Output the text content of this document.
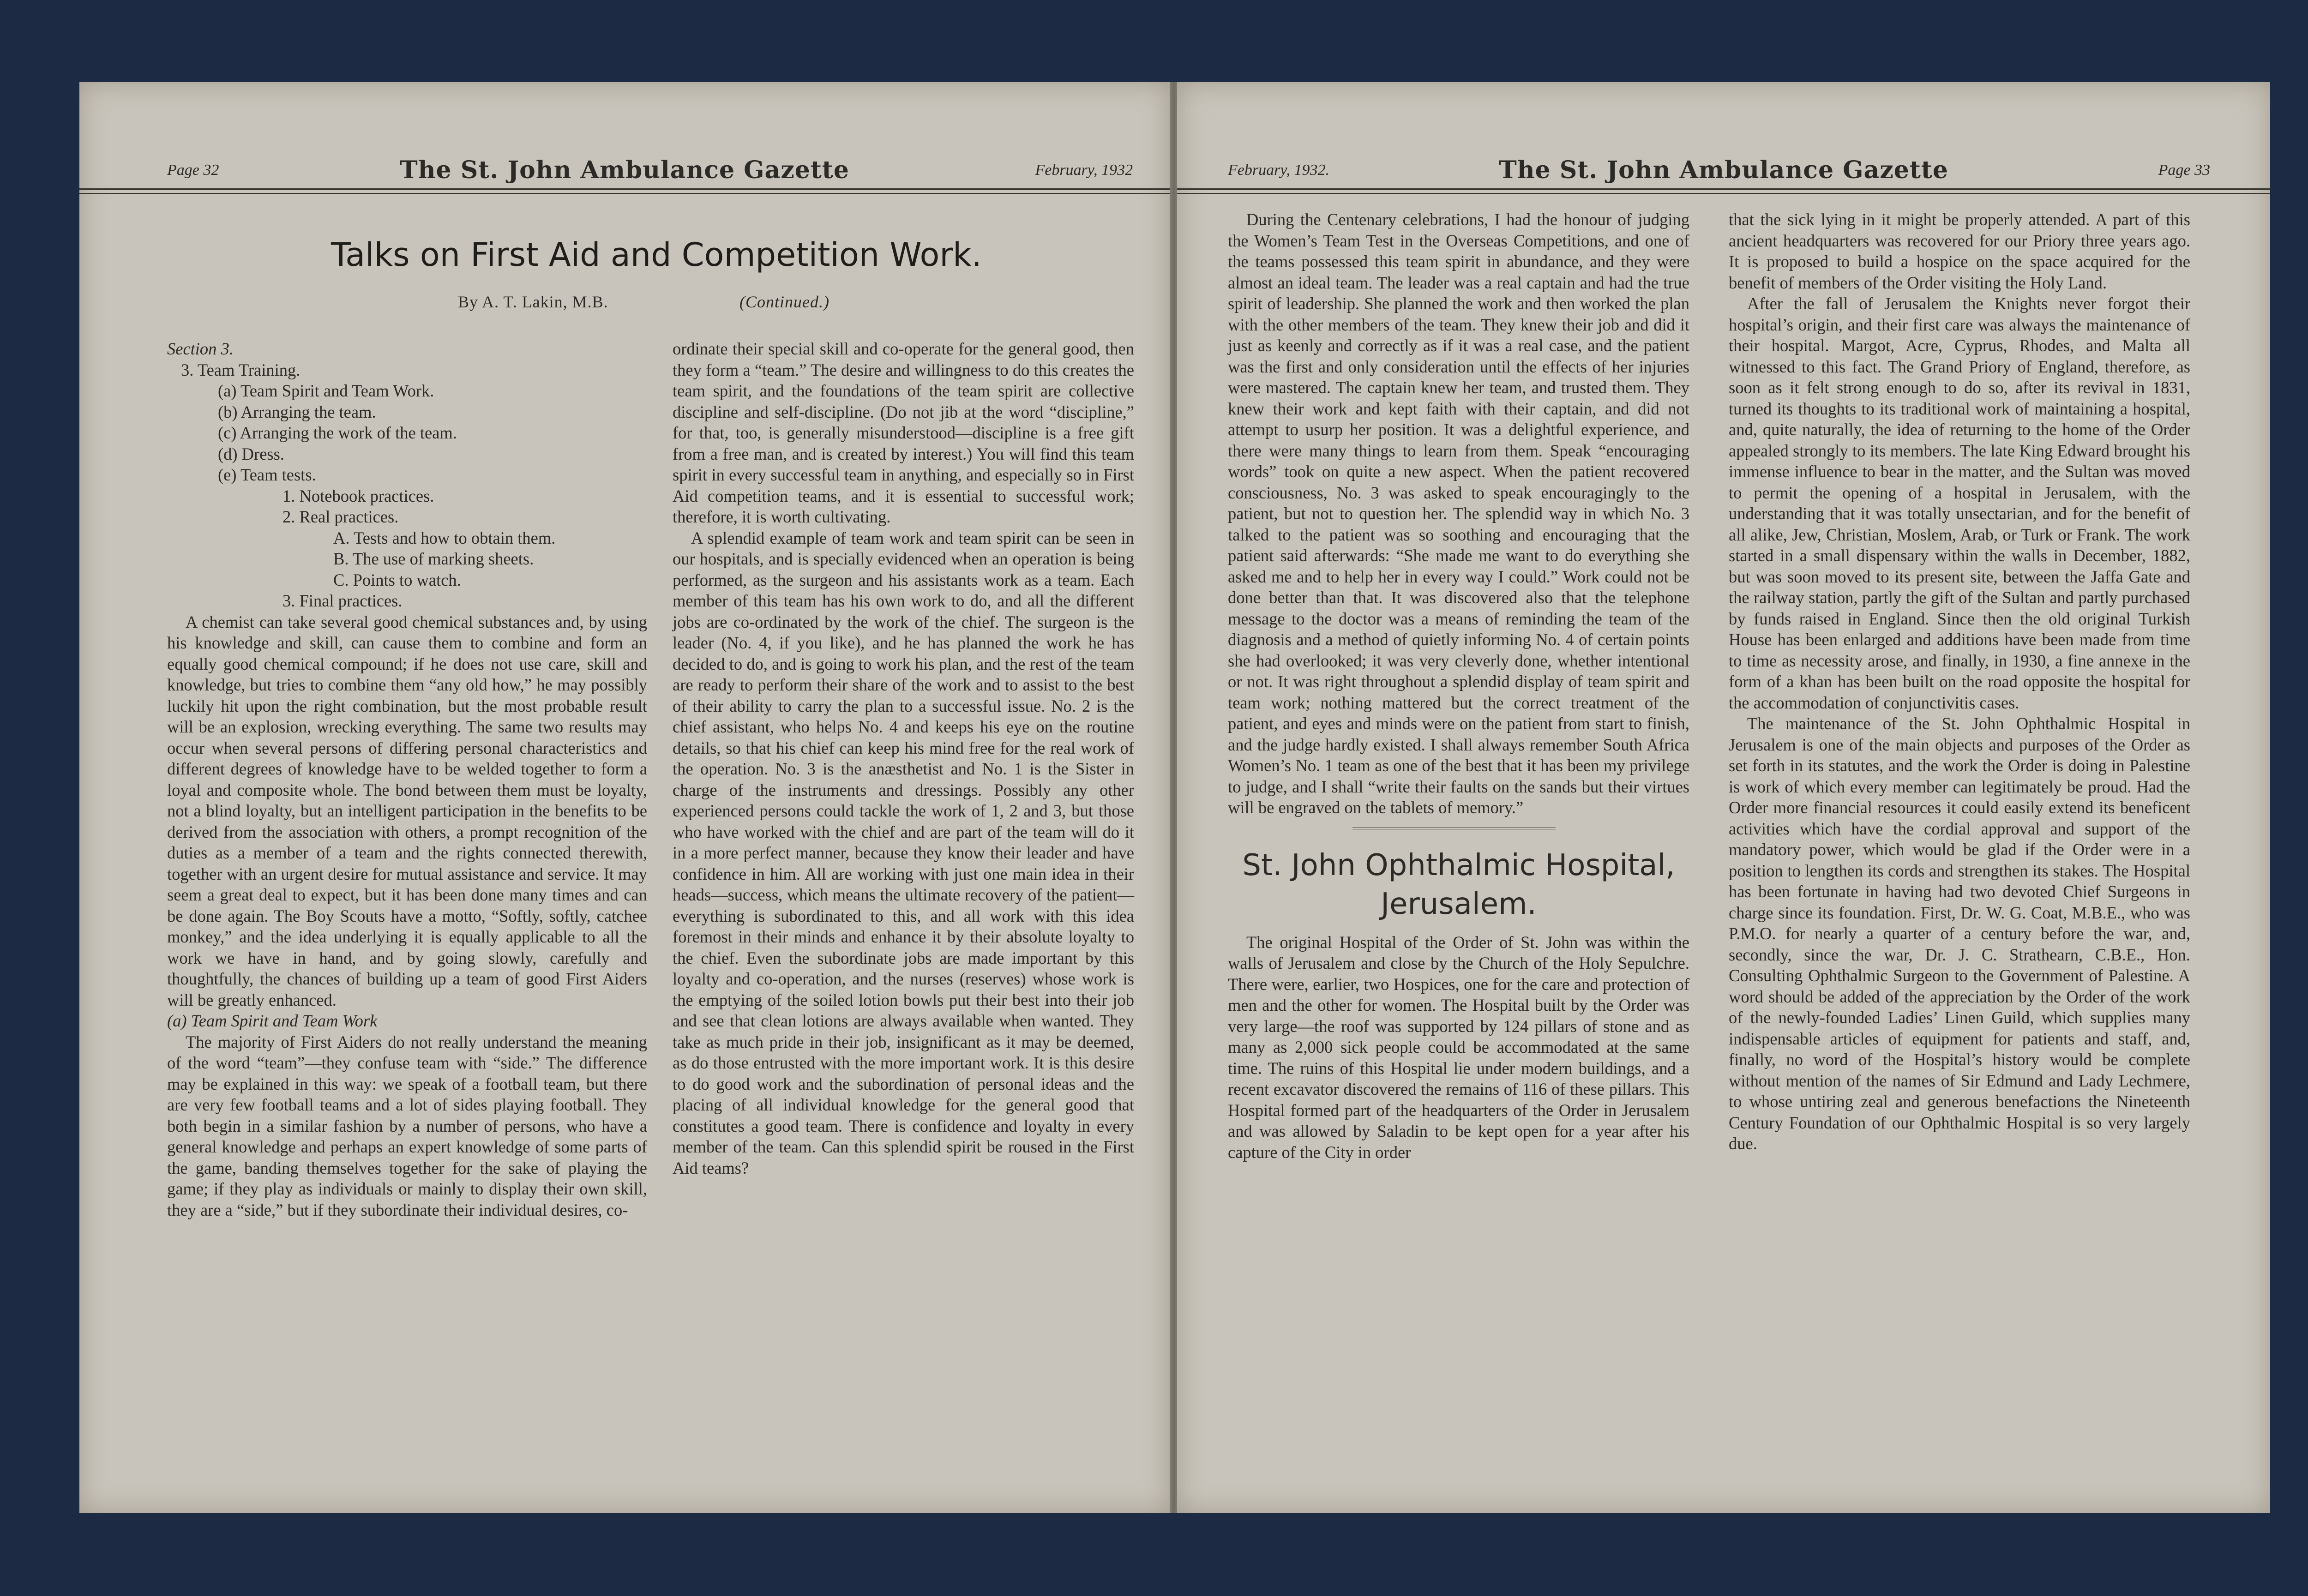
Page 32	The St. John Ambulance Gazette	February, 1932
Talks on First Aid and Competition Work.
By A. T. Lakin, M.B.	(Continued.)

Section 3.

3. Team Training.
(a) Team Spirit and Team Work.
(b) Arranging the team.
(c) Arranging the work of the team.
(d) Dress.
(e) Team tests.
1. Notebook practices.
2. Real practices.
A. Tests and how to obtain them.
B. The use of marking sheets.
C. Points to watch.
3. Final practices.

A chemist can take several good chemical substances and, by using his knowledge and skill, can cause them to combine and form an equally good chemical compound; if he does not use care, skill and knowledge, but tries to combine them “any old how,” he may possibly luckily hit upon the right combination, but the most probable result will be an explosion, wrecking everything. The same two results may occur when several persons of differing personal characteristics and different degrees of knowledge have to be welded together to form a loyal and composite whole. The bond between them must be loyalty, not a blind loyalty, but an intelligent participation in the benefits to be derived from the association with others, a prompt recognition of the duties as a member of a team and the rights connected therewith, together with an urgent desire for mutual assistance and service. It may seem a great deal to expect, but it has been done many times and can be done again. The Boy Scouts have a motto, “Softly, softly, catchee monkey,” and the idea underlying it is equally applicable to all the work we have in hand, and by going slowly, carefully and thoughtfully, the chances of building up a team of good First Aiders will be greatly enhanced.

(a) Team Spirit and Team Work

The majority of First Aiders do not really understand the meaning of the word “team”—they confuse team with “side.” The difference may be explained in this way: we speak of a football team, but there are very few football teams and a lot of sides playing football. They both begin in a similar fashion by a number of persons, who have a general knowledge and perhaps an expert knowledge of some parts of the game, banding themselves together for the sake of playing the game; if they play as individuals or mainly to display their own skill, they are a “side,” but if they subordinate their individual desires, co-

ordinate their special skill and co-operate for the general good, then they form a “team.” The desire and willingness to do this creates the team spirit, and the foundations of the team spirit are collective discipline and self-discipline. (Do not jib at the word “discipline,” for that, too, is generally misunderstood—discipline is a free gift from a free man, and is created by interest.) You will find this team spirit in every successful team in anything, and especially so in First Aid competition teams, and it is essential to successful work; therefore, it is worth cultivating.

A splendid example of team work and team spirit can be seen in our hospitals, and is specially evidenced when an operation is being performed, as the surgeon and his assistants work as a team. Each member of this team has his own work to do, and all the different jobs are co-ordinated by the work of the chief. The surgeon is the leader (No. 4, if you like), and he has planned the work he has decided to do, and is going to work his plan, and the rest of the team are ready to perform their share of the work and to assist to the best of their ability to carry the plan to a successful issue. No. 2 is the chief assistant, who helps No. 4 and keeps his eye on the routine details, so that his chief can keep his mind free for the real work of the operation. No. 3 is the anæsthetist and No. 1 is the Sister in charge of the instruments and dressings. Possibly any other experienced persons could tackle the work of 1, 2 and 3, but those who have worked with the chief and are part of the team will do it in a more perfect manner, because they know their leader and have confidence in him. All are working with just one main idea in their heads—success, which means the ultimate recovery of the patient—everything is subordinated to this, and all work with this idea foremost in their minds and enhance it by their absolute loyalty to the chief. Even the subordinate jobs are made important by this loyalty and co-operation, and the nurses (reserves) whose work is the emptying of the soiled lotion bowls put their best into their job and see that clean lotions are always available when wanted. They take as much pride in their job, insignificant as it may be deemed, as do those entrusted with the more important work. It is this desire to do good work and the subordination of personal ideas and the placing of all individual knowledge for the general good that constitutes a good team. There is confidence and loyalty in every member of the team. Can this splendid spirit be roused in the First Aid teams?

February, 1932.	The St. John Ambulance Gazette	Page 33

During the Centenary celebrations, I had the honour of judging the Women’s Team Test in the Overseas Competitions, and one of the teams possessed this team spirit in abundance, and they were almost an ideal team. The leader was a real captain and had the true spirit of leadership. She planned the work and then worked the plan with the other members of the team. They knew their job and did it just as keenly and correctly as if it was a real case, and the patient was the first and only consideration until the effects of her injuries were mastered. The captain knew her team, and trusted them. They knew their work and kept faith with their captain, and did not attempt to usurp her position. It was a delightful experience, and there were many things to learn from them. Speak “encouraging words” took on quite a new aspect. When the patient recovered consciousness, No. 3 was asked to speak encouragingly to the patient, but not to question her. The splendid way in which No. 3 talked to the patient was so soothing and encouraging that the patient said afterwards: “She made me want to do everything she asked me and to help her in every way I could.” Work could not be done better than that. It was discovered also that the telephone message to the doctor was a means of reminding the team of the diagnosis and a method of quietly informing No. 4 of certain points she had overlooked; it was very cleverly done, whether intentional or not. It was right throughout a splendid display of team spirit and team work; nothing mattered but the correct treatment of the patient, and eyes and minds were on the patient from start to finish, and the judge hardly existed. I shall always remember South Africa Women’s No. 1 team as one of the best that it has been my privilege to judge, and I shall “write their faults on the sands but their virtues will be engraved on the tablets of memory.”

St. John Ophthalmic Hospital,
Jerusalem.

The original Hospital of the Order of St. John was within the walls of Jerusalem and close by the Church of the Holy Sepulchre. There were, earlier, two Hospices, one for the care and protection of men and the other for women. The Hospital built by the Order was very large—the roof was supported by 124 pillars of stone and as many as 2,000 sick people could be accommodated at the same time. The ruins of this Hospital lie under modern buildings, and a recent excavator discovered the remains of 116 of these pillars. This Hospital formed part of the headquarters of the Order in Jerusalem and was allowed by Saladin to be kept open for a year after his capture of the City in order

that the sick lying in it might be properly attended. A part of this ancient headquarters was recovered for our Priory three years ago. It is proposed to build a hospice on the space acquired for the benefit of members of the Order visiting the Holy Land.

After the fall of Jerusalem the Knights never forgot their hospital’s origin, and their first care was always the maintenance of their hospital. Margot, Acre, Cyprus, Rhodes, and Malta all witnessed to this fact. The Grand Priory of England, therefore, as soon as it felt strong enough to do so, after its revival in 1831, turned its thoughts to its traditional work of maintaining a hospital, and, quite naturally, the idea of returning to the home of the Order appealed strongly to its members. The late King Edward brought his immense influence to bear in the matter, and the Sultan was moved to permit the opening of a hospital in Jerusalem, with the understanding that it was totally unsectarian, and for the benefit of all alike, Jew, Christian, Moslem, Arab, or Turk or Frank. The work started in a small dispensary within the walls in December, 1882, but was soon moved to its present site, between the Jaffa Gate and the railway station, partly the gift of the Sultan and partly purchased by funds raised in England. Since then the old original Turkish House has been enlarged and additions have been made from time to time as necessity arose, and finally, in 1930, a fine annexe in the form of a khan has been built on the road opposite the hospital for the accommodation of conjunctivitis cases.

The maintenance of the St. John Ophthalmic Hospital in Jerusalem is one of the main objects and purposes of the Order as set forth in its statutes, and the work the Order is doing in Palestine is work of which every member can legitimately be proud. Had the Order more financial resources it could easily extend its beneficent activities which have the cordial approval and support of the mandatory power, which would be glad if the Order were in a position to lengthen its cords and strengthen its stakes. The Hospital has been fortunate in having had two devoted Chief Surgeons in charge since its foundation. First, Dr. W. G. Coat, M.B.E., who was P.M.O. for nearly a quarter of a century before the war, and, secondly, since the war, Dr. J. C. Strathearn, C.B.E., Hon. Consulting Ophthalmic Surgeon to the Government of Palestine. A word should be added of the appreciation by the Order of the work of the newly-founded Ladies’ Linen Guild, which supplies many indispensable articles of equipment for patients and staff, and, finally, no word of the Hospital’s history would be complete without mention of the names of Sir Edmund and Lady Lechmere, to whose untiring zeal and generous benefactions the Nineteenth Century Foundation of our Ophthalmic Hospital is so very largely due.
